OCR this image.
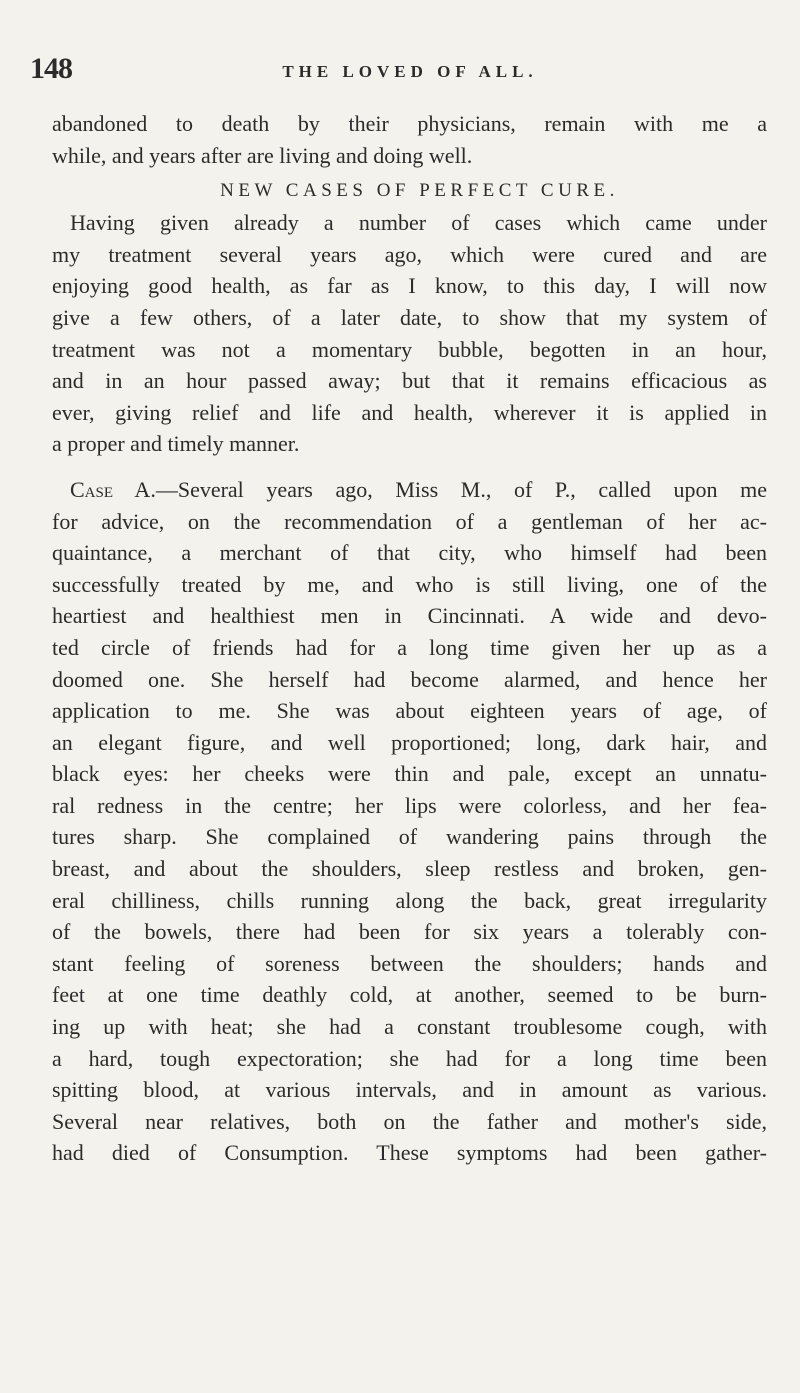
148	THE LOVED OF ALL.
abandoned to death by their physicians, remain with me a
while, and years after are living and doing well.
NEW CASES OF PERFECT CURE.
Having given already a number of cases which came under
my treatment several years ago, which were cured and are
enjoying good health, as far as I know, to this day, I will now
give a few others, of a later date, to show that my system of
treatment was not a momentary bubble, begotten in an hour,
and in an hour passed away; but that it remains efficacious as
ever, giving relief and life and health, wherever it is applied in
a proper and timely manner.
Case A.—Several years ago, Miss M., of P., called upon me
for advice, on the recommendation of a gentleman of her ac-
quaintance, a merchant of that city, who himself had been
successfully treated by me, and who is still living, one of the
heartiest and healthiest men in Cincinnati. A wide and devo-
ted circle of friends had for a long time given her up as a
doomed one. She herself had become alarmed, and hence her
application to me. She was about eighteen years of age, of
an elegant figure, and well proportioned; long, dark hair, and
black eyes: her cheeks were thin and pale, except an unnatu-
ral redness in the centre; her lips were colorless, and her fea-
tures sharp. She complained of wandering pains through the
breast, and about the shoulders, sleep restless and broken, gen-
eral chilliness, chills running along the back, great irregularity
of the bowels, there had been for six years a tolerably con-
stant feeling of soreness between the shoulders; hands and
feet at one time deathly cold, at another, seemed to be burn-
ing up with heat; she had a constant troublesome cough, with
a hard, tough expectoration; she had for a long time been
spitting blood, at various intervals, and in amount as various.
Several near relatives, both on the father and mother's side,
had died of Consumption. These symptoms had been gather-
